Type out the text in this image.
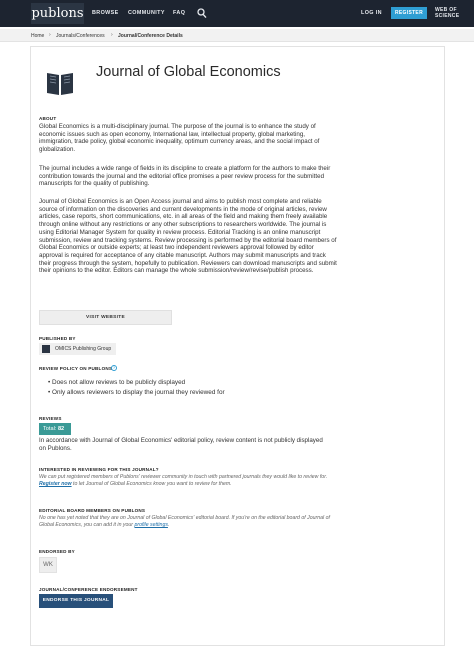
publons BROWSE COMMUNITY FAQ	LOG IN	REGISTER	WEB OF
SCIENCE
Home › Journals/Conferences › Journal/Conference Details
Journal of Global Economics
ABOUT

Global Economics is a multi-disciplinary journal. The purpose of the journal is to enhance the study of economic issues such as open economy, International law, intellectual property, global marketing, immigration, trade policy, global economic inequality, optimum currency areas, and the social impact of globalization.

The journal includes a wide range of fields in its discipline to create a platform for the authors to make their contribution towards the journal and the editorial office promises a peer review process for the submitted manuscripts for the quality of publishing.

Journal of Global Economics is an Open Access journal and aims to publish most complete and reliable source of information on the discoveries and current developments in the mode of original articles, review articles, case reports, short communications, etc. in all areas of the field and making them freely available through online without any restrictions or any other subscriptions to researchers worldwide. The journal is using Editorial Manager System for quality in review process. Editorial Tracking is an online manuscript submission, review and tracking systems. Review processing is performed by the editorial board members of Global Economics or outside experts; at least two independent reviewers approval followed by editor approval is required for acceptance of any citable manuscript. Authors may submit manuscripts and track their progress through the system, hopefully to publication. Reviewers can download manuscripts and submit their opinions to the editor. Editors can manage the whole submission/review/revise/publish process.

VISIT WEBSITE
PUBLISHED BY
OMICS Publishing Group
REVIEW POLICY ON PUBLONS ?
• Does not allow reviews to be publicly displayed
• Only allows reviewers to display the journal they reviewed for
REVIEWS
Total: 82

In accordance with Journal of Global Economics' editorial policy, review content is not publicly displayed on Publons.

INTERESTED IN REVIEWING FOR THIS JOURNAL?

We can put registered members of Publons' reviewer community in touch with partnered journals they would like to review for. Register now to let Journal of Global Economics know you want to review for them.

EDITORIAL BOARD MEMBERS ON PUBLONS

No one has yet noted that they are on Journal of Global Economics' editorial board. If you're on the editorial board of Journal of Global Economics, you can add it in your profile settings.

ENDORSED BY
WK
JOURNAL/CONFERENCE ENDORSEMENT
ENDORSE THIS JOURNAL
